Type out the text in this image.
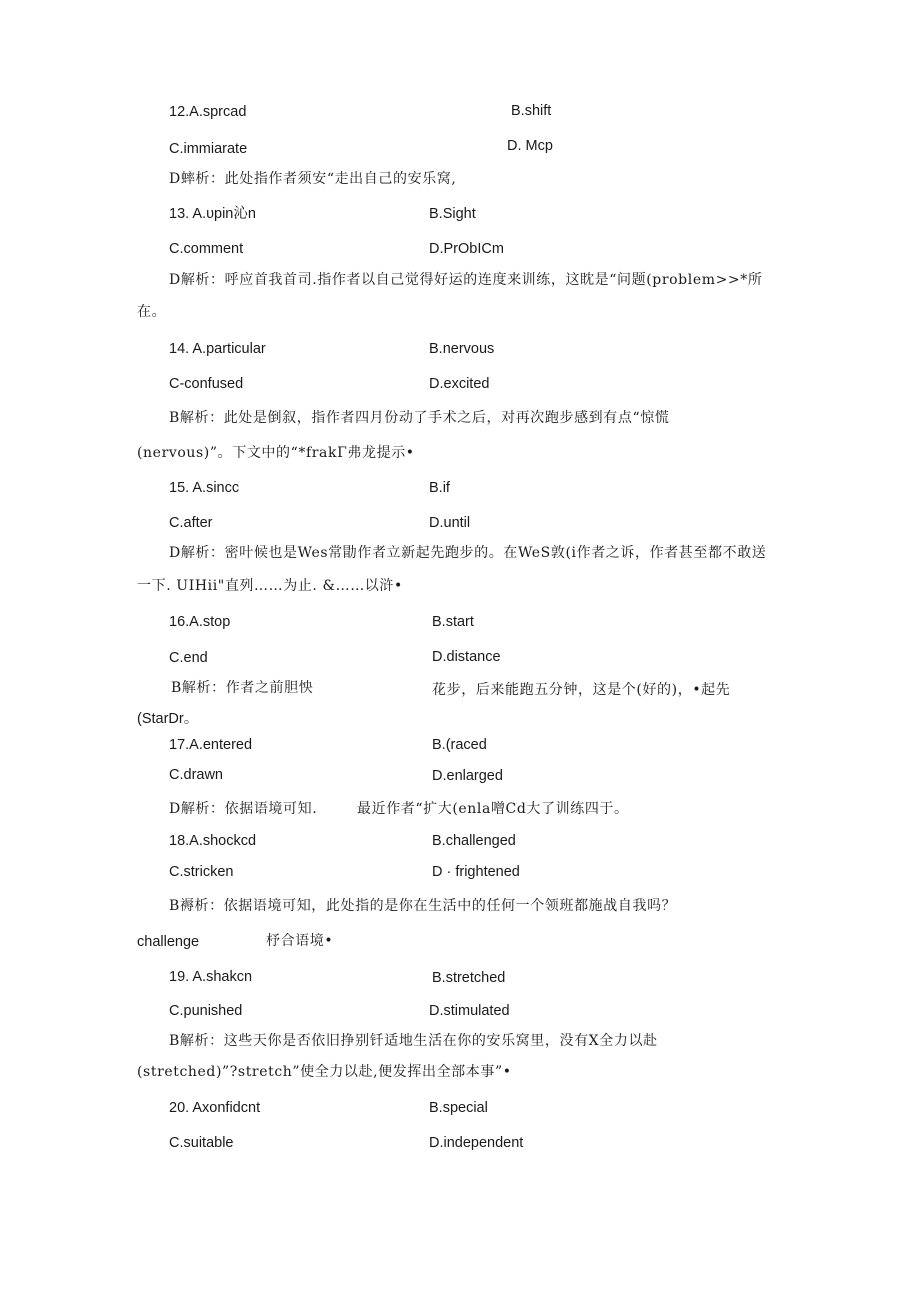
12.A.sprcad	B.shift
C.immiarate	D. Mcp
D蟀析：此处指作者须安“走出自己的安乐窝,
13. A.υpin沁n	B.Sight
C.comment	D.PrObICm
D解析：呼应首我首司.指作者以自己觉得好运的连度来训练，这眈是“问题(problem>>*所
在。
14. A.particular	B.nervous
C-confused	D.excited
B解析：此处是倒叙，指作者四月份动了手术之后，对再次跑步感到有点“惊慌
(nervous)”。下文中的“*frakΓ弗龙提示•
15. A.sincc	B.if
C.after	D.until
D解析：密叶候也是Wes常勖作者立新起先跑步的。在WeS敦(i作者之诉，作者甚至都不敢送
一下. UIHii"直列……为止. &……以浒•
16.A.stop	B.start
C.end	D.distance
B解析：作者之前胆怏	花步，后来能跑五分钟，这是个(好的)，•起先
(StarDr。
17.A.entered	B.(raced
C.drawn	D.enlarged
D解析：依据语境可知.	最近作者“扩大(enla噌Cd大了训练四于。
18.A.shockcd	B.challenged
C.stricken	D · frightened
B褥析：依据语境可知，此处指的是你在生活中的任何一个领班都施战自我吗？
challenge	杼合语境•
19. A.shakcn	B.stretched
C.punished	D.stimulated
B解析：这些天你是否依旧挣别钎适地生活在你的安乐窝里，没有X全力以赴
(stretched)”?stretch”使全力以赴,便发挥出全部本事”•
20. Axonfidcnt	B.special
C.suitable	D.independent
